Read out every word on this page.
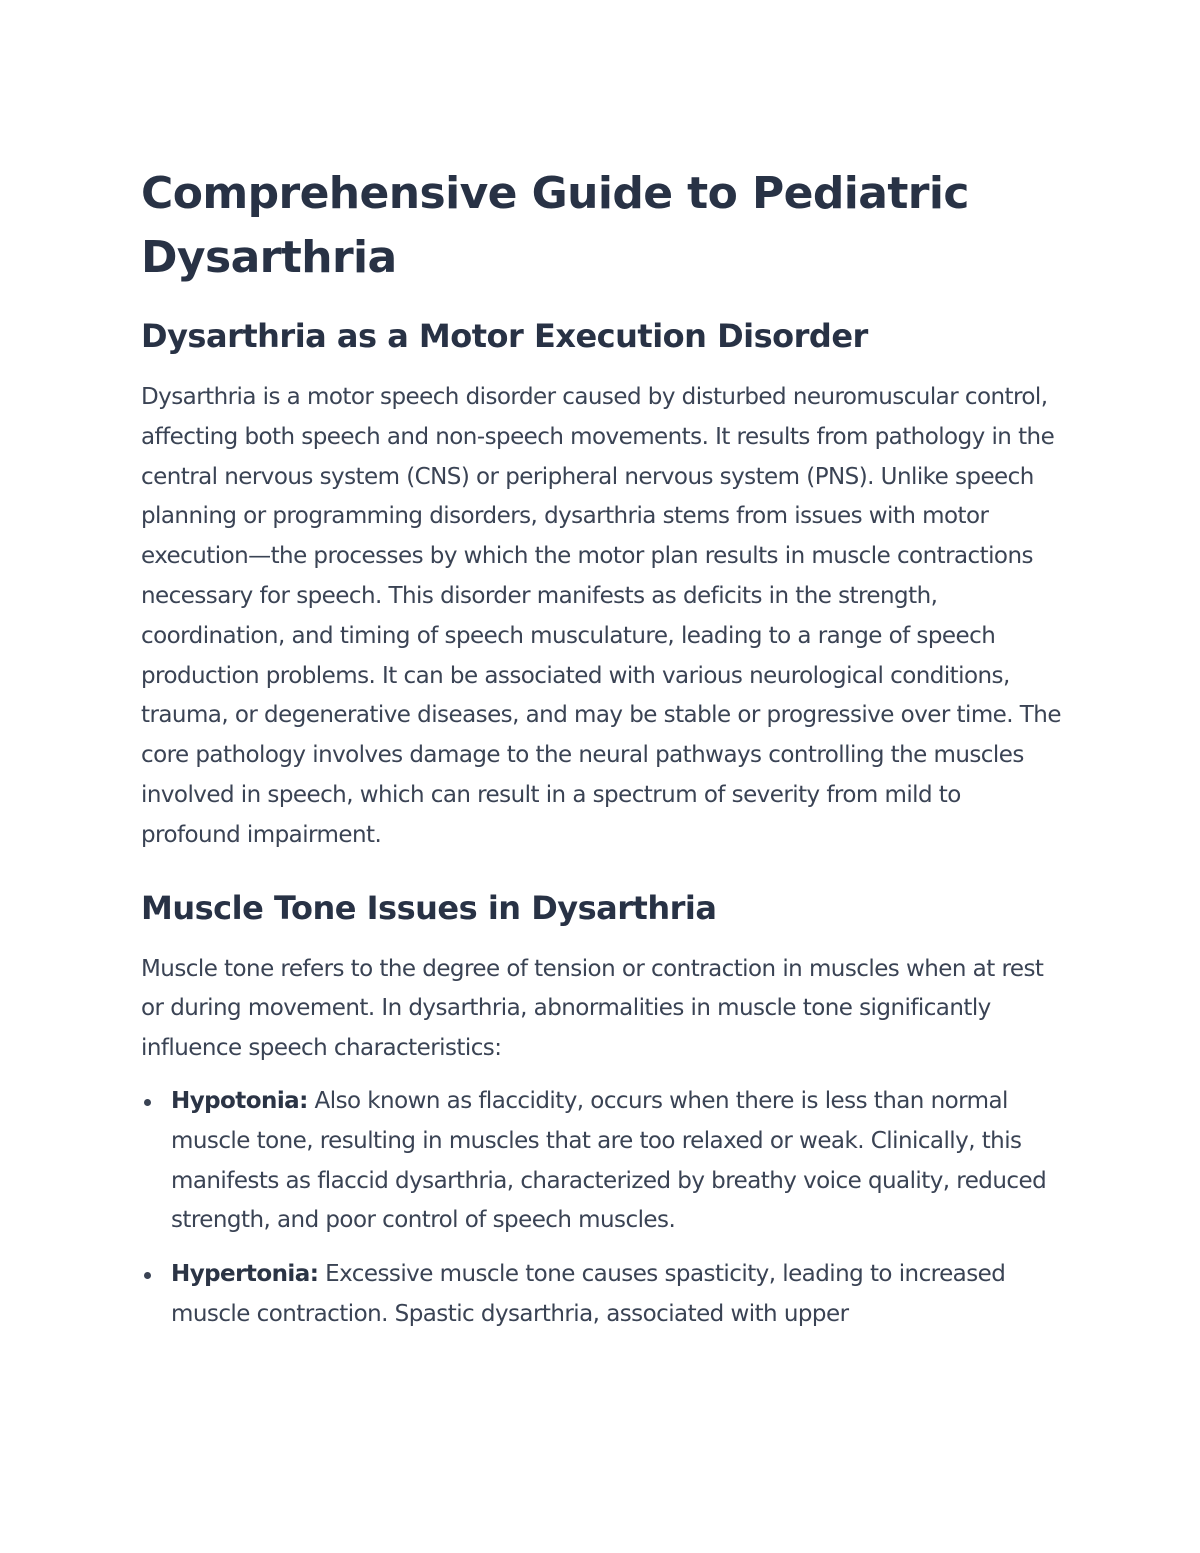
Comprehensive Guide to Pediatric Dysarthria
Dysarthria as a Motor Execution Disorder

Dysarthria is a motor speech disorder caused by disturbed neuromuscular control, affecting both speech and non-speech movements. It results from pathology in the central nervous system (CNS) or peripheral nervous system (PNS). Unlike speech planning or programming disorders, dysarthria stems from issues with motor execution—the processes by which the motor plan results in muscle contractions necessary for speech. This disorder manifests as deficits in the strength, coordination, and timing of speech musculature, leading to a range of speech production problems. It can be associated with various neurological conditions, trauma, or degenerative diseases, and may be stable or progressive over time. The core pathology involves damage to the neural pathways controlling the muscles involved in speech, which can result in a spectrum of severity from mild to profound impairment.

Muscle Tone Issues in Dysarthria

Muscle tone refers to the degree of tension or contraction in muscles when at rest or during movement. In dysarthria, abnormalities in muscle tone significantly influence speech characteristics:

Hypotonia: Also known as flaccidity, occurs when there is less than normal muscle tone, resulting in muscles that are too relaxed or weak. Clinically, this manifests as flaccid dysarthria, characterized by breathy voice quality, reduced strength, and poor control of speech muscles.
Hypertonia: Excessive muscle tone causes spasticity, leading to increased muscle contraction. Spastic dysarthria, associated with upper
